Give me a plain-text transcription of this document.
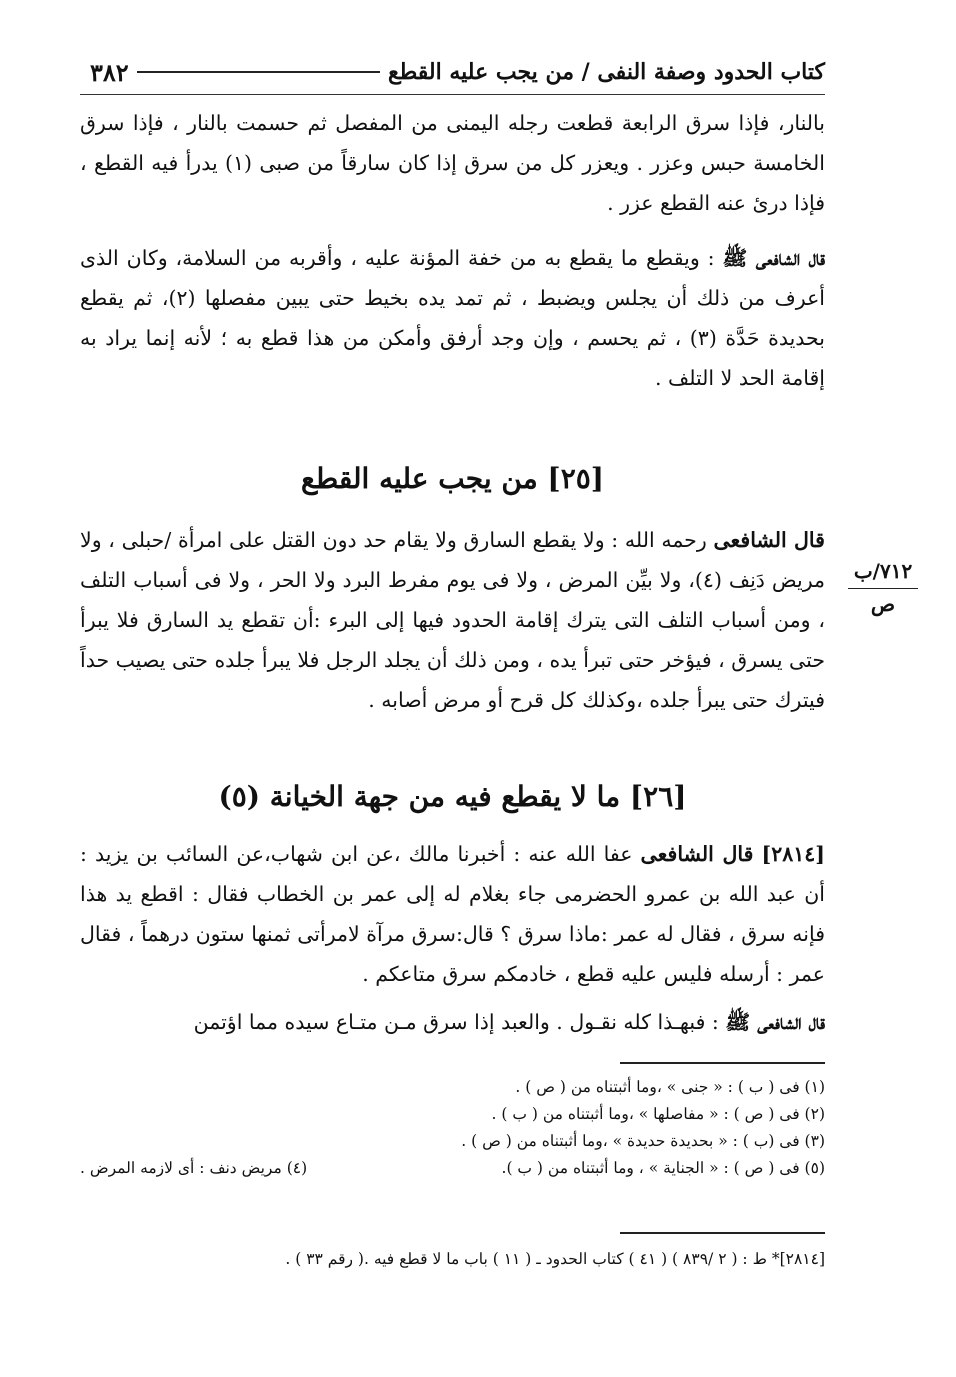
٣٨٢	كتاب الحدود وصفة النفى / من يجب عليه القطع
بالنار، فإذا سرق الرابعة قطعت رجله اليمنى من المفصل ثم حسمت بالنار ، فإذا سرق الخامسة حبس وعزر . ويعزر كل من سرق إذا كان سارقاً من صبى (١) يدرأ فيه القطع ، فإذا درئ عنه القطع عزر .
قال الشافعى ﷺ : ويقطع ما يقطع به من خفة المؤنة عليه ، وأقربه من السلامة، وكان الذى أعرف من ذلك أن يجلس ويضبط ، ثم تمد يده بخيط حتى يبين مفصلها (٢)، ثم يقطع بحديدة حَدَّة (٣) ، ثم يحسم ، وإن وجد أرفق وأمكن من هذا قطع به ؛ لأنه إنما يراد به إقامة الحد لا التلف .
[٢٥] من يجب عليه القطع
قال الشافعى رحمه الله : ولا يقطع السارق ولا يقام حد دون القتل على امرأة /حبلى ، ولا مريض دَنِف (٤)، ولا بيِّن المرض ، ولا فى يوم مفرط البرد ولا الحر ، ولا فى أسباب التلف ، ومن أسباب التلف التى يترك إقامة الحدود فيها إلى البرء :أن تقطع يد السارق فلا يبرأ حتى يسرق ، فيؤخر حتى تبرأ يده ، ومن ذلك أن يجلد الرجل فلا يبرأ جلده حتى يصيب حداً فيترك حتى يبرأ جلده ،وكذلك كل قرح أو مرض أصابه .
٧١٢/ب
ص
[٢٦] ما لا يقطع فيه من جهة الخيانة (٥)
[٢٨١٤] قال الشافعى عفا الله عنه : أخبرنا مالك ،عن ابن شهاب،عن السائب بن يزيد : أن عبد الله بن عمرو الحضرمى جاء بغلام له إلى عمر بن الخطاب فقال : اقطع يد هذا فإنه سرق ، فقال له عمر :ماذا سرق ؟ قال:سرق مرآة لامرأتى ثمنها ستون درهماً ، فقال عمر : أرسله فليس عليه قطع ، خادمكم سرق متاعكم .
قال الشافعى ﷺ : فبهـذا كله نقـول . والعبد إذا سرق مـن متـاع سيده مما اؤتمن
(١) فى ( ب ) : « جنى » ،وما أثبتناه من ( ص ) .
(٢) فى ( ص ) : « مفاصلها » ،وما أثبتناه من ( ب ) .
(٣) فى (ب ) : « بحديدة حديدة » ،وما أثبتناه من ( ص ) .
(٤) مريض دنف : أى لازمه المرض .	(٥) فى ( ص ) : « الجناية » ، وما أثبتناه من ( ب ).
[٢٨١٤]* ط : ( ٢ /٨٣٩ ) ( ٤١ ) كتاب الحدود ـ ( ١١ ) باب ما لا قطع فيه .( رقم ٣٣ ) .
